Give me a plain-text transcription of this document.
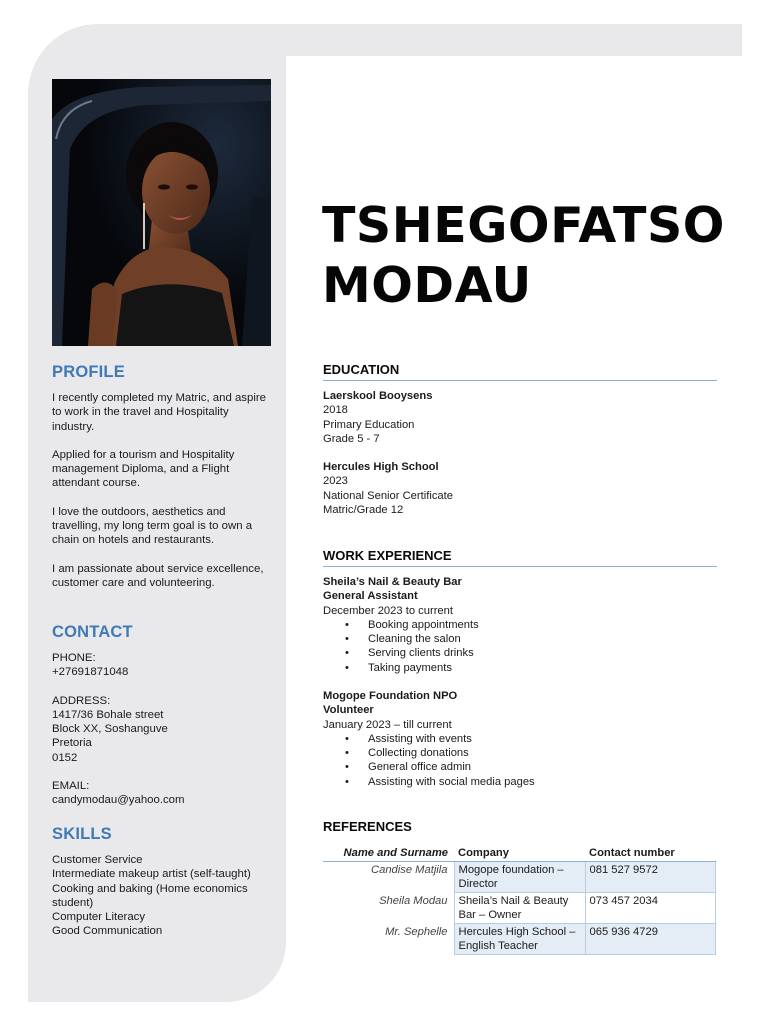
PROFILE

I recently completed my Matric, and aspire to work in the travel and Hospitality industry.

Applied for a tourism and Hospitality management Diploma, and a Flight attendant course.

I love the outdoors, aesthetics and travelling, my long term goal is to own a chain on hotels and restaurants.

I am passionate about service excellence, customer care and volunteering.

CONTACT

PHONE:

+27691871048

ADDRESS:

1417/36 Bohale street

Block XX, Soshanguve

Pretoria

0152

EMAIL:

candymodau@yahoo.com

SKILLS

Customer Service

Intermediate makeup artist (self-taught)

Cooking and baking (Home economics student)

Computer Literacy

Good Communication

TSHEGOFATSO
MODAU
EDUCATION
Laerskool Booysens

2018

Primary Education

Grade 5 - 7

Hercules High School

2023

National Senior Certificate

Matric/Grade 12

WORK EXPERIENCE
Sheila’s Nail & Beauty Bar
General Assistant

December 2023 to current

• Booking appointments
• Cleaning the salon
• Serving clients drinks
• Taking payments
Mogope Foundation NPO
Volunteer

January 2023 – till current

• Assisting with events
• Collecting donations
• General office admin
• Assisting with social media pages
REFERENCES
Name and Surname	Company	Contact number
Candise Matjila	Mogope foundation – Director	081 527 9572
Sheila Modau	Sheila’s Nail & Beauty Bar – Owner	073 457 2034
Mr. Sephelle	Hercules High School – English Teacher	065 936 4729
